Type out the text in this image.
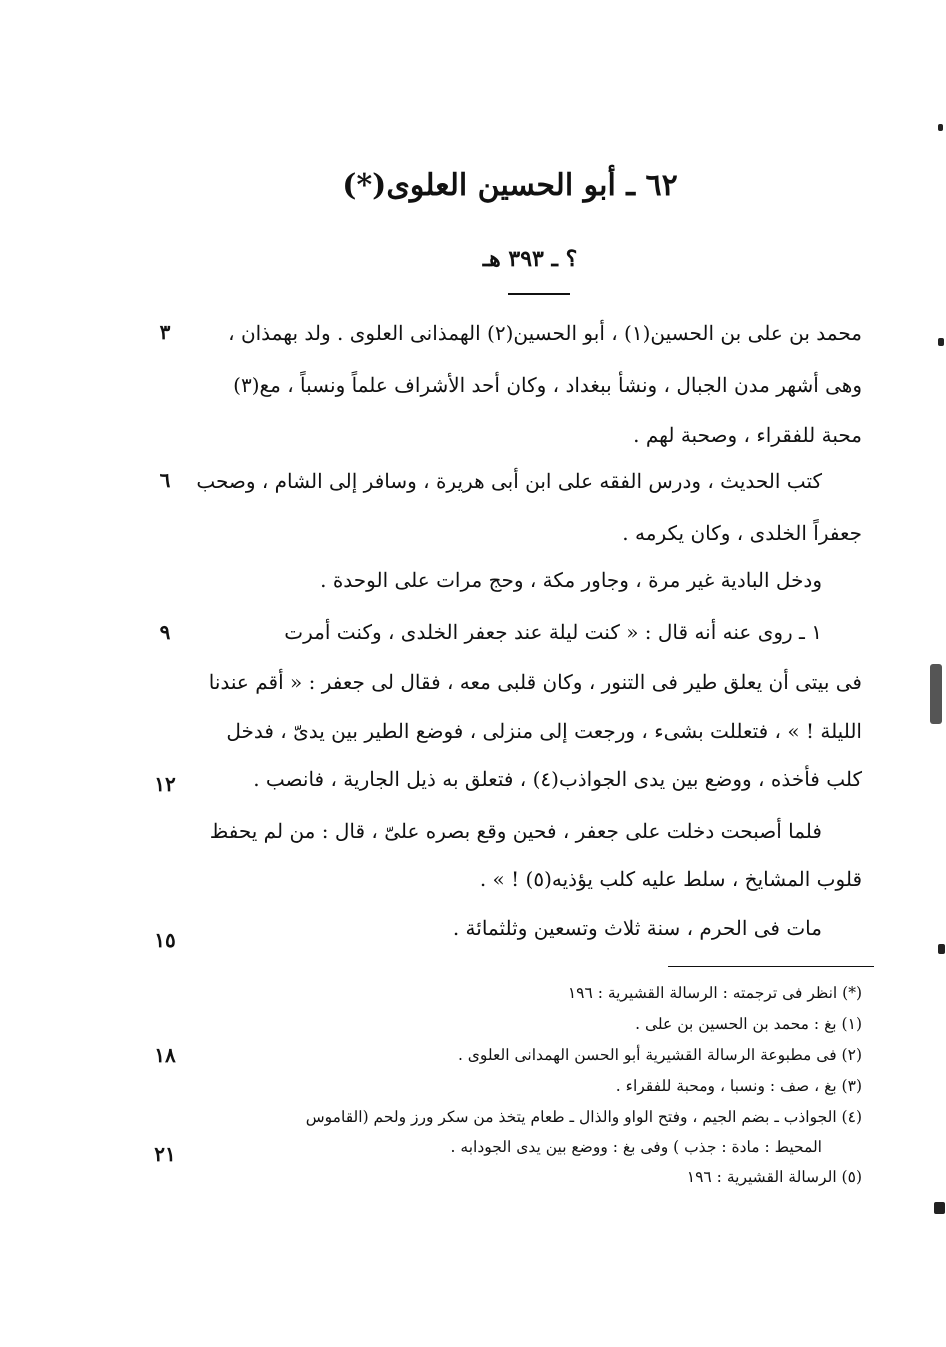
٦٢ ـ أبو الحسين العلوى(*)
؟ ـ ٣٩٣ هـ
محمد بن على بن الحسين(١) ، أبو الحسين(٢) الهمذانى العلوى . ولد بهمذان ،
وهى أشهر مدن الجبال ، ونشأ ببغداد ، وكان أحد الأشراف علماً ونسباً ، مع(٣)
محبة للفقراء ، وصحبة لهم .
كتب الحديث ، ودرس الفقه على ابن أبى هريرة ، وسافر إلى الشام ، وصحب
جعفراً الخلدى ، وكان يكرمه .
ودخل البادية غير مرة ، وجاور مكة ، وحج مرات على الوحدة .
١ ـ روى عنه أنه قال : « كنت ليلة عند جعفر الخلدى ، وكنت أمرت
فى بيتى أن يعلق طير فى التنور ، وكان قلبى معه ، فقال لى جعفر : « أقم عندنا
الليلة ! » ، فتعللت بشىء ، ورجعت إلى منزلى ، فوضع الطير بين يدىّ ، فدخل
كلب فأخذه ، ووضع بين يدى الجواذب(٤) ، فتعلق به ذيل الجارية ، فانصب .
فلما أصبحت دخلت على جعفر ، فحين وقع بصره علىّ ، قال : من لم يحفظ
قلوب المشايخ ، سلط عليه كلب يؤذيه(٥) ! » .
مات فى الحرم ، سنة ثلاث وتسعين وثلثمائة .
٣
٦
٩
١٢
١٥
١٨
٢١
(*) انظر فى ترجمته : الرسالة القشيرية : ١٩٦
(١) بغ : محمد بن الحسين بن على .
(٢) فى مطبوعة الرسالة القشيرية أبو الحسن الهمدانى العلوى .
(٣) بغ ، صف : ونسبا ، ومحبة للفقراء .
(٤) الجواذب ـ بضم الجيم ، وفتح الواو والذال ـ طعام يتخذ من سكر ورز ولحم (القاموس
المحيط : مادة : جذب ) وفى بغ : ووضع بين يدى الجودابه .
(٥) الرسالة القشيرية : ١٩٦
